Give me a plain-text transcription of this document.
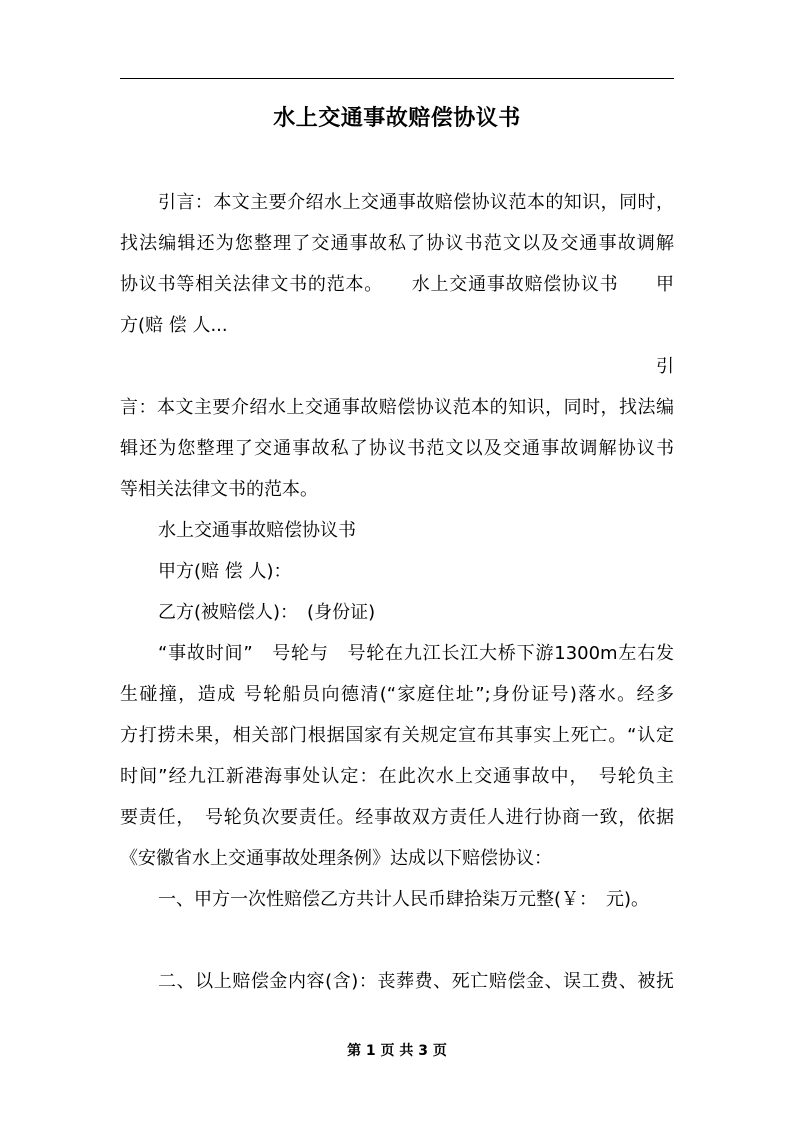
水上交通事故赔偿协议书
引言：本文主要介绍水上交通事故赔偿协议范本的知识，同时，
找法编辑还为您整理了交通事故私了协议书范文以及交通事故调解
协议书等相关法律文书的范本。　　水上交通事故赔偿协议书　　甲
方(赔 偿 人...
引
言：本文主要介绍水上交通事故赔偿协议范本的知识，同时，找法编
辑还为您整理了交通事故私了协议书范文以及交通事故调解协议书
等相关法律文书的范本。
水上交通事故赔偿协议书
甲方(赔 偿 人)：
乙方(被赔偿人)：　(身份证)
“事故时间”　号轮与　号轮在九江长江大桥下游1300m左右发
生碰撞，造成 号轮船员向德清(“家庭住址”;身份证号)落水。经多
方打捞未果，相关部门根据国家有关规定宣布其事实上死亡。“认定
时间”经九江新港海事处认定：在此次水上交通事故中，　号轮负主
要责任，　号轮负次要责任。经事故双方责任人进行协商一致，依据
《安徽省水上交通事故处理条例》达成以下赔偿协议：
一、甲方一次性赔偿乙方共计人民币肆拾柒万元整(￥：　元)。
二、以上赔偿金内容(含)：丧葬费、死亡赔偿金、误工费、被抚
第 1 页 共 3 页
